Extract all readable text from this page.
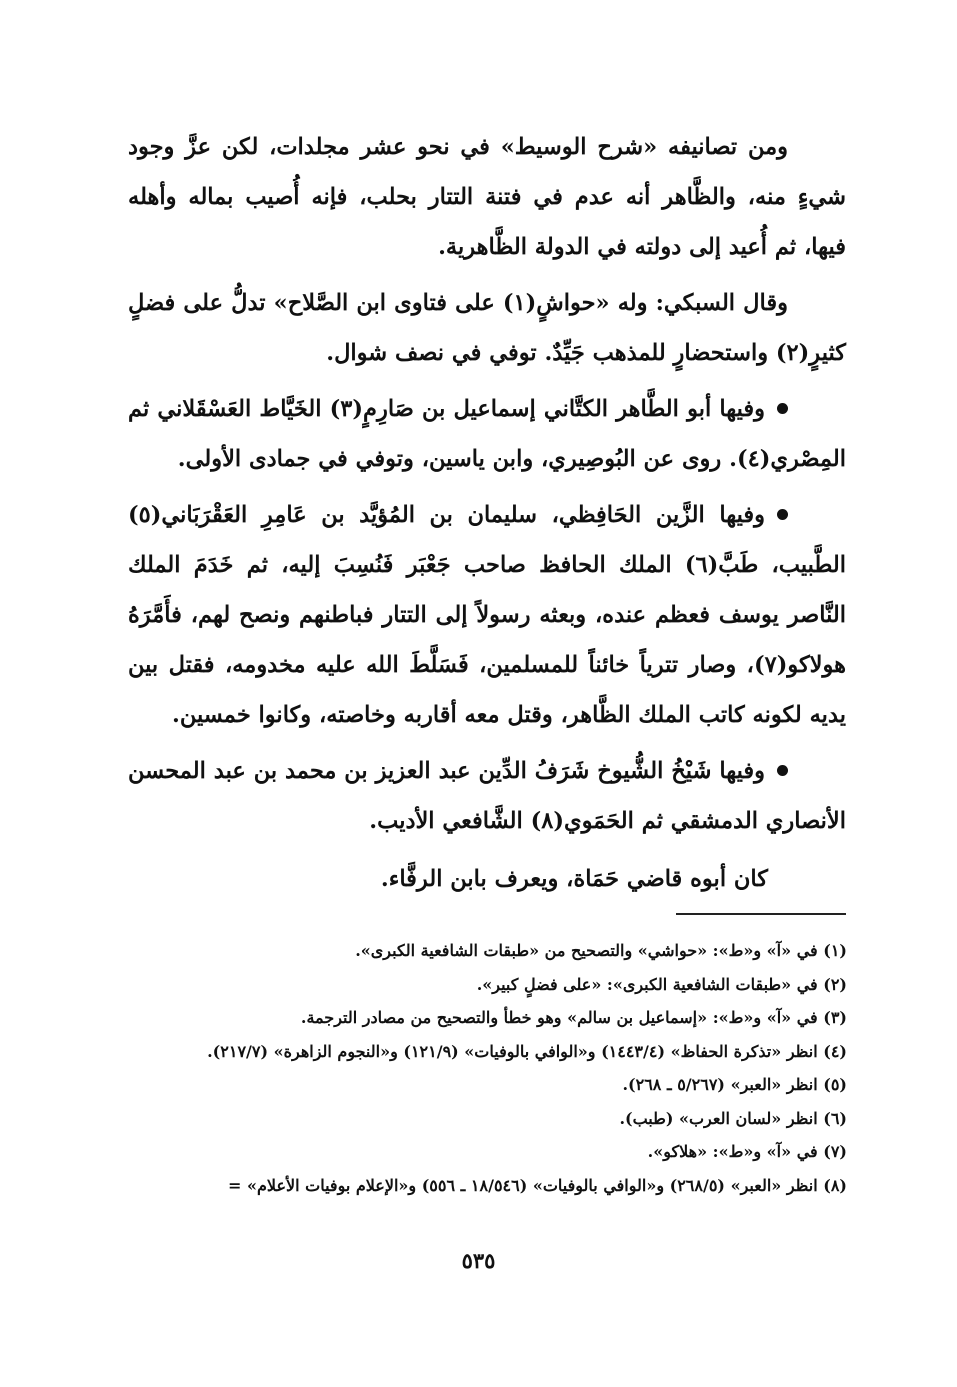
ومن تصانيفه «شرح الوسيط» في نحو عشر مجلدات، لكن عزَّ وجود شيءٍ منه، والظَّاهر أنه عدم في فتنة التتار بحلب، فإنه أُصيب بماله وأهله فيها، ثم أُعيد إلى دولته في الدولة الظَّاهرية.

وقال السبكي: وله «حواشٍ(١) على فتاوى ابن الصَّلاح» تدلُّ على فضلٍ كثيرٍ(٢) واستحضارٍ للمذهب جَيِّدٌ. توفي في نصف شوال.

وفيها أبو الطَّاهر الكتَّاني إسماعيل بن صَارِمٍ(٣) الخَيَّاط العَسْقَلاني ثم المِصْري(٤). روى عن البُوصِيري، وابن ياسين، وتوفي في جمادى الأولى.

وفيها الزَّين الحَافِظي، سليمان بن المُؤيَّد بن عَامِرِ العَقْرَبَاني(٥) الطَّبيب، طَبَّ(٦) الملك الحافظ صاحب جَعْبَر فَنُسِبَ إليه، ثم خَدَمَ الملك النَّاصر يوسف فعظم عنده، وبعثه رسولاً إلى التتار فباطنهم ونصح لهم، فأَمَّرَهُ هولاكو(٧)، وصار تترياً خائناً للمسلمين، فَسَلَّطَ الله عليه مخدومه، فقتل بين يديه لكونه كاتب الملك الظَّاهر، وقتل معه أقاربه وخاصته، وكانوا خمسين.

وفيها شَيْخُ الشُّيوخ شَرَفُ الدِّين عبد العزيز بن محمد بن عبد المحسن الأنصاري الدمشقي ثم الحَمَوي(٨) الشَّافعي الأديب.

كان أبوه قاضي حَمَاة، ويعرف بابن الرفَّاء.

(١) في «آ» و«ط»: «حواشي» والتصحيح من «طبقات الشافعية الكبرى».

(٢) في «طبقات الشافعية الكبرى»: «على فضلٍ كبير».

(٣) في «آ» و«ط»: «إسماعيل بن سالم» وهو خطأ والتصحيح من مصادر الترجمة.

(٤) انظر «تذكرة الحفاظ» (١٤٤٣/٤) و«الوافي بالوفيات» (١٢١/٩) و«النجوم الزاهرة» (٢١٧/٧).

(٥) انظر «العبر» (٥/٢٦٧ ـ ٢٦٨).

(٦) انظر «لسان العرب» (طبب).

(٧) في «آ» و«ط»: «هلاكو».

(٨) انظر «العبر» (٢٦٨/٥) و«الوافي بالوفيات» (١٨/٥٤٦ ـ ٥٥٦) و«الإعلام بوفيات الأعلام» =

٥٣٥
